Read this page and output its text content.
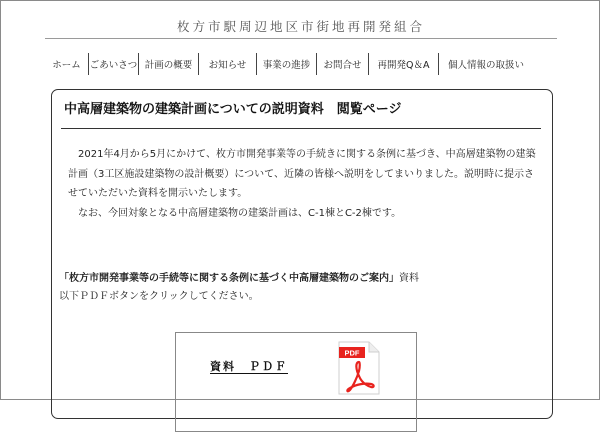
枚方市駅周辺地区市街地再開発組合
ホーム ごあいさつ 計画の概要	お知らせ	事業の進捗	お問合せ	再開発Q＆A	個人情報の取扱い
中高層建築物の建築計画についての説明資料　閲覧ページ

2021年4月から5月にかけて、枚方市開発事業等の手続きに関する条例に基づき、中高層建築物の建築計画（3工区施設建築物の設計概要）について、近隣の皆様へ説明をしてまいりました。説明時に提示させていただいた資料を開示いたします。

なお、今回対象となる中高層建築物の建築計画は、C-1棟とC-2棟です。

「枚方市開発事業等の手続等に関する条例に基づく中高層建築物のご案内」資料
以下ＰＤＦボタンをクリックしてください。
資料　ＰＤＦ
PDF
